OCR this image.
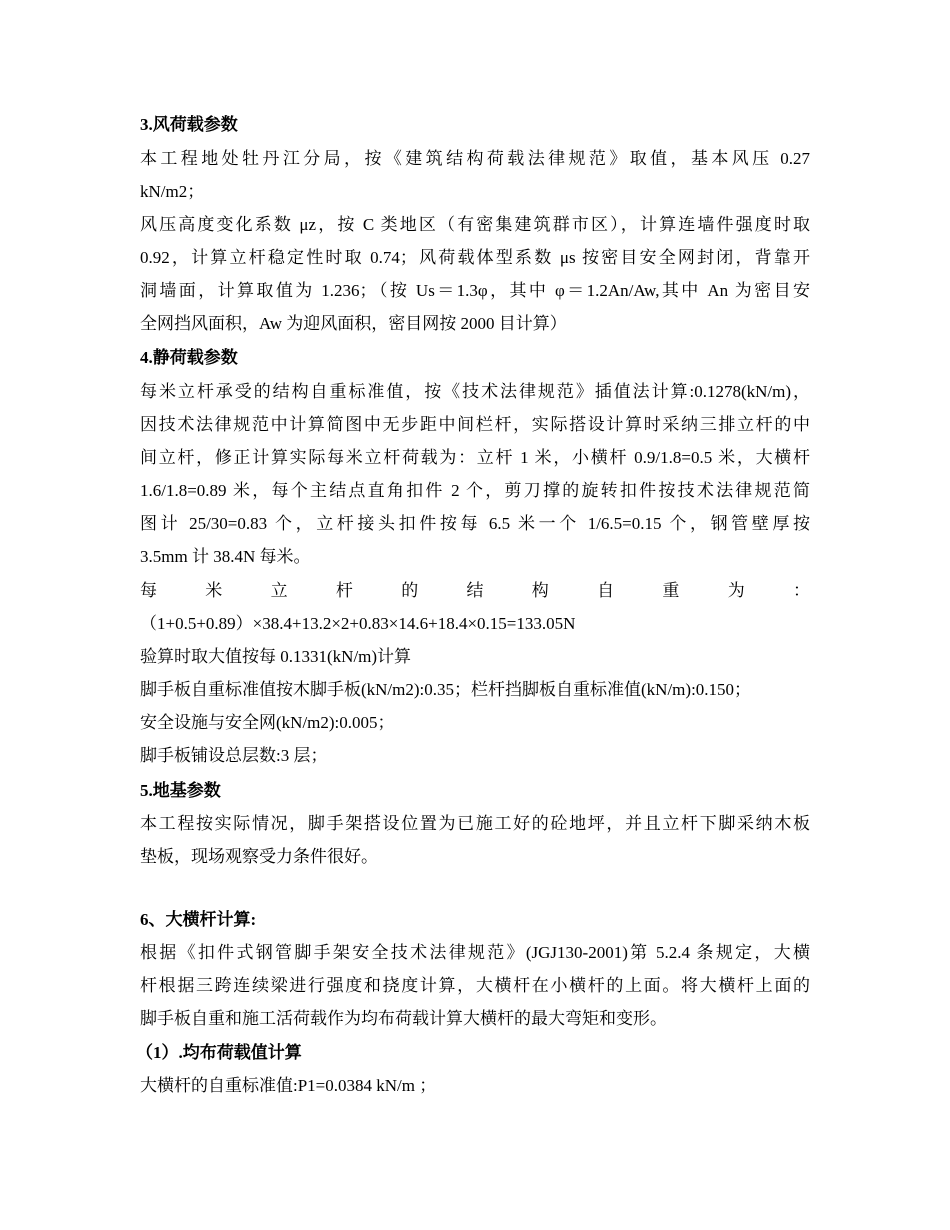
3.风荷载参数
本工程地处牡丹江分局，按《建筑结构荷载法律规范》取值，基本风压 0.27
kN/m2；
风压高度变化系数 μz，按 C 类地区（有密集建筑群市区），计算连墙件强度时取
0.92，计算立杆稳定性时取 0.74；风荷载体型系数 μs 按密目安全网封闭，背靠开
洞墙面，计算取值为 1.236；（按 Us＝1.3φ，其中 φ＝1.2An/Aw,其中 An 为密目安
全网挡风面积，Aw 为迎风面积，密目网按 2000 目计算）
4.静荷载参数
每米立杆承受的结构自重标准值，按《技术法律规范》插值法计算:0.1278(kN/m)，
因技术法律规范中计算简图中无步距中间栏杆，实际搭设计算时采纳三排立杆的中
间立杆，修正计算实际每米立杆荷载为：立杆 1 米，小横杆 0.9/1.8=0.5 米，大横杆
1.6/1.8=0.89 米，每个主结点直角扣件 2 个，剪刀撑的旋转扣件按技术法律规范简
图计 25/30=0.83 个，立杆接头扣件按每 6.5 米一个 1/6.5=0.15 个，钢管壁厚按
3.5mm 计 38.4N 每米。
每 米 立 杆 的 结 构 自 重 为 ：
（1+0.5+0.89）×38.4+13.2×2+0.83×14.6+18.4×0.15=133.05N
验算时取大值按每 0.1331(kN/m)计算
脚手板自重标准值按木脚手板(kN/m2):0.35；栏杆挡脚板自重标准值(kN/m):0.150；
安全设施与安全网(kN/m2):0.005；
脚手板铺设总层数:3 层；
5.地基参数
本工程按实际情况，脚手架搭设位置为已施工好的砼地坪，并且立杆下脚采纳木板
垫板，现场观察受力条件很好。
6、大横杆计算:
根据《扣件式钢管脚手架安全技术法律规范》(JGJ130-2001)第 5.2.4 条规定，大横
杆根据三跨连续梁进行强度和挠度计算，大横杆在小横杆的上面。将大横杆上面的
脚手板自重和施工活荷载作为均布荷载计算大横杆的最大弯矩和变形。
（1）.均布荷载值计算
大横杆的自重标准值:P1=0.0384 kN/m ；
